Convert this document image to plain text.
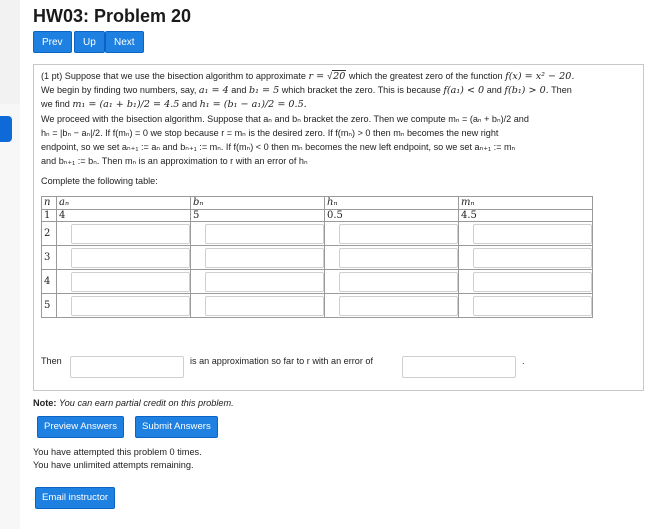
HW03: Problem 20
Prev	Up	Next
(1 pt) Suppose that we use the bisection algorithm to approximate r = √20 which the greatest zero of the function f(x) = x² − 20.
We begin by finding two numbers, say, a₁ = 4 and b₁ = 5 which bracket the zero. This is because f(a₁) < 0 and f(b₁) > 0. Then
we find m₁ = (a₁ + b₁)/2 = 4.5 and h₁ = (b₁ − a₁)/2 = 0.5.
We proceed with the bisection algorithm. Suppose that aₙ and bₙ bracket the zero. Then we compute mₙ = (aₙ + bₙ)/2 and
hₙ = |bₙ − aₙ|/2. If f(mₙ) = 0 we stop because r = mₙ is the desired zero. If f(mₙ) > 0 then mₙ becomes the new right
endpoint, so we set aₙ₊₁ := aₙ and bₙ₊₁ := mₙ. If f(mₙ) < 0 then mₙ becomes the new left endpoint, so we set aₙ₊₁ := mₙ
and bₙ₊₁ := bₙ. Then mₙ is an approximation to r with an error of hₙ
Complete the following table:
n	aₙ	bₙ	hₙ	mₙ
1	4	5	0.5	4.5
2	

3	

4	

5	

Then	is an approximation so far to r with an error of	.
Note: You can earn partial credit on this problem.
Preview Answers	Submit Answers
You have attempted this problem 0 times.
You have unlimited attempts remaining.
Email instructor
